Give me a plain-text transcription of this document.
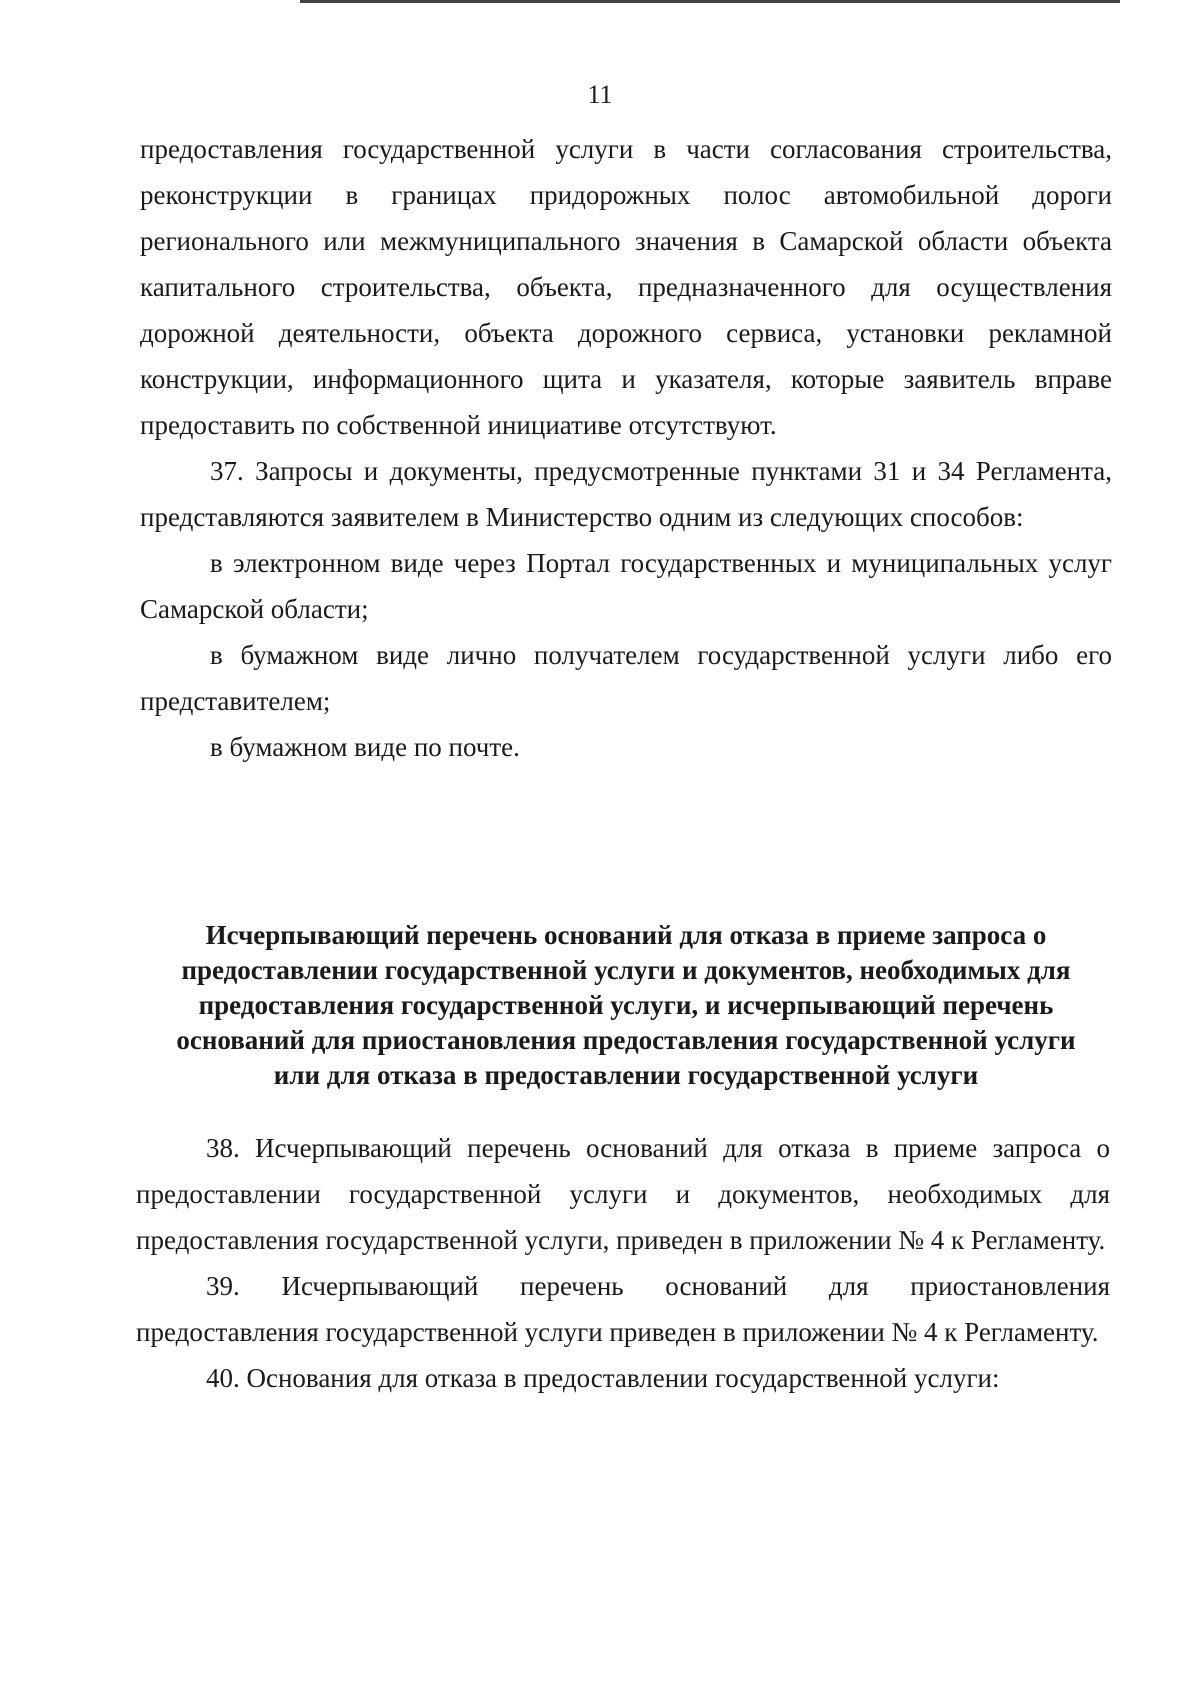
11

предоставления государственной услуги в части согласования строительства, реконструкции в границах придорожных полос автомобильной дороги регионального или межмуниципального значения в Самарской области объекта капитального строительства, объекта, предназначенного для осуществления дорожной деятельности, объекта дорожного сервиса, установки рекламной конструкции, информационного щита и указателя, которые заявитель вправе предоставить по собственной инициативе отсутствуют.

37. Запросы и документы, предусмотренные пунктами 31 и 34 Регламента, представляются заявителем в Министерство одним из следующих способов:

в электронном виде через Портал государственных и муниципальных услуг Самарской области;

в бумажном виде лично получателем государственной услуги либо его представителем;

в бумажном виде по почте.

Исчерпывающий перечень оснований для отказа в приеме запроса о
предоставлении государственной услуги и документов, необходимых для
предоставления государственной услуги, и исчерпывающий перечень
оснований для приостановления предоставления государственной услуги
или для отказа в предоставлении государственной услуги

38. Исчерпывающий перечень оснований для отказа в приеме запроса о предоставлении государственной услуги и документов, необходимых для предоставления государственной услуги, приведен в приложении № 4 к Регламенту.

39. Исчерпывающий перечень оснований для приостановления предоставления государственной услуги приведен в приложении № 4 к Регламенту.

40. Основания для отказа в предоставлении государственной услуги:
